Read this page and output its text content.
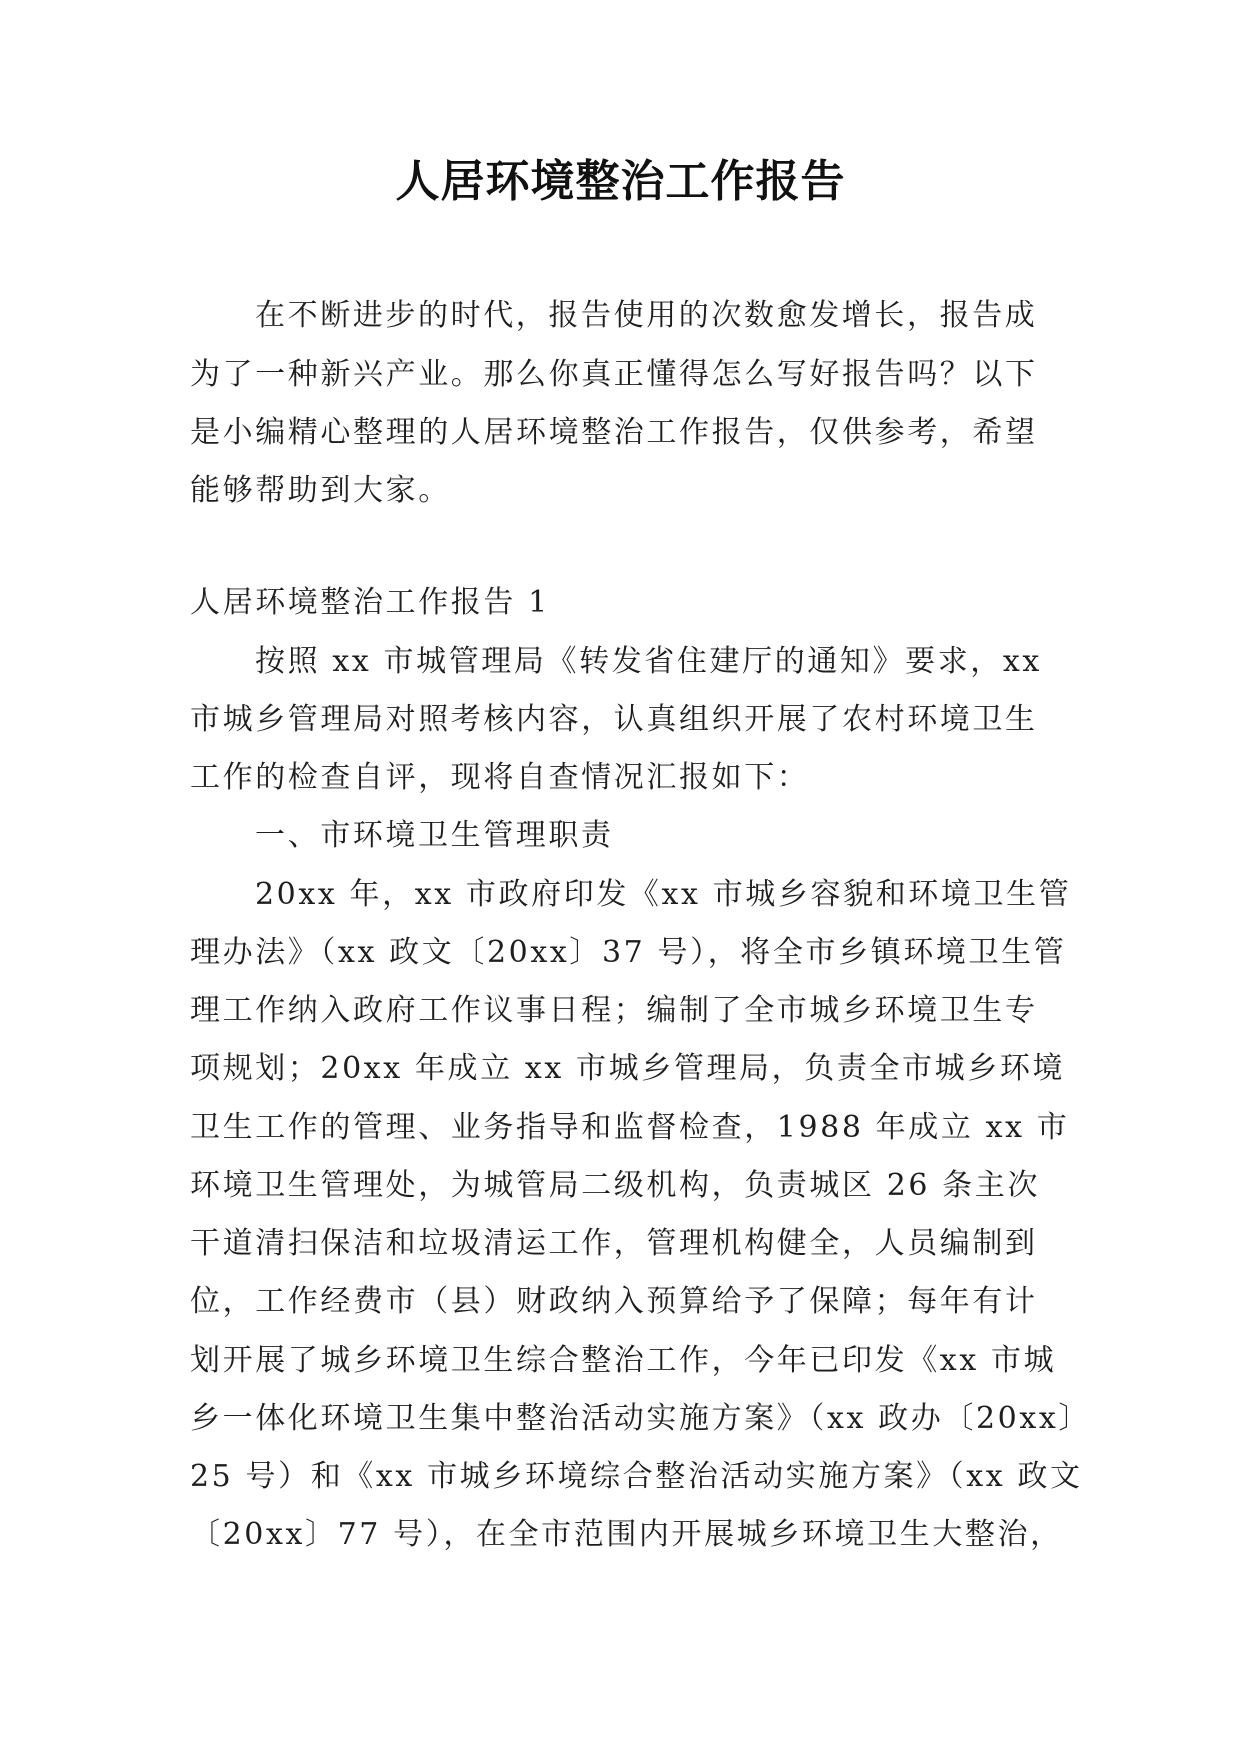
人居环境整治工作报告
在不断进步的时代，报告使用的次数愈发增长，报告成
为了一种新兴产业。那么你真正懂得怎么写好报告吗？以下
是小编精心整理的人居环境整治工作报告，仅供参考，希望
能够帮助到大家。
人居环境整治工作报告 1
按照 xx 市城管理局《转发省住建厅的通知》要求，xx
市城乡管理局对照考核内容，认真组织开展了农村环境卫生
工作的检查自评，现将自查情况汇报如下：
一、市环境卫生管理职责
20xx 年，xx 市政府印发《xx 市城乡容貌和环境卫生管
理办法》（xx 政文〔20xx〕37 号），将全市乡镇环境卫生管
理工作纳入政府工作议事日程；编制了全市城乡环境卫生专
项规划；20xx 年成立 xx 市城乡管理局，负责全市城乡环境
卫生工作的管理、业务指导和监督检查，1988 年成立 xx 市
环境卫生管理处，为城管局二级机构，负责城区 26 条主次
干道清扫保洁和垃圾清运工作，管理机构健全，人员编制到
位，工作经费市（县）财政纳入预算给予了保障；每年有计
划开展了城乡环境卫生综合整治工作，今年已印发《xx 市城
乡一体化环境卫生集中整治活动实施方案》（xx 政办〔20xx〕
25 号）和《xx 市城乡环境综合整治活动实施方案》（xx 政文
〔20xx〕77 号），在全市范围内开展城乡环境卫生大整治，
